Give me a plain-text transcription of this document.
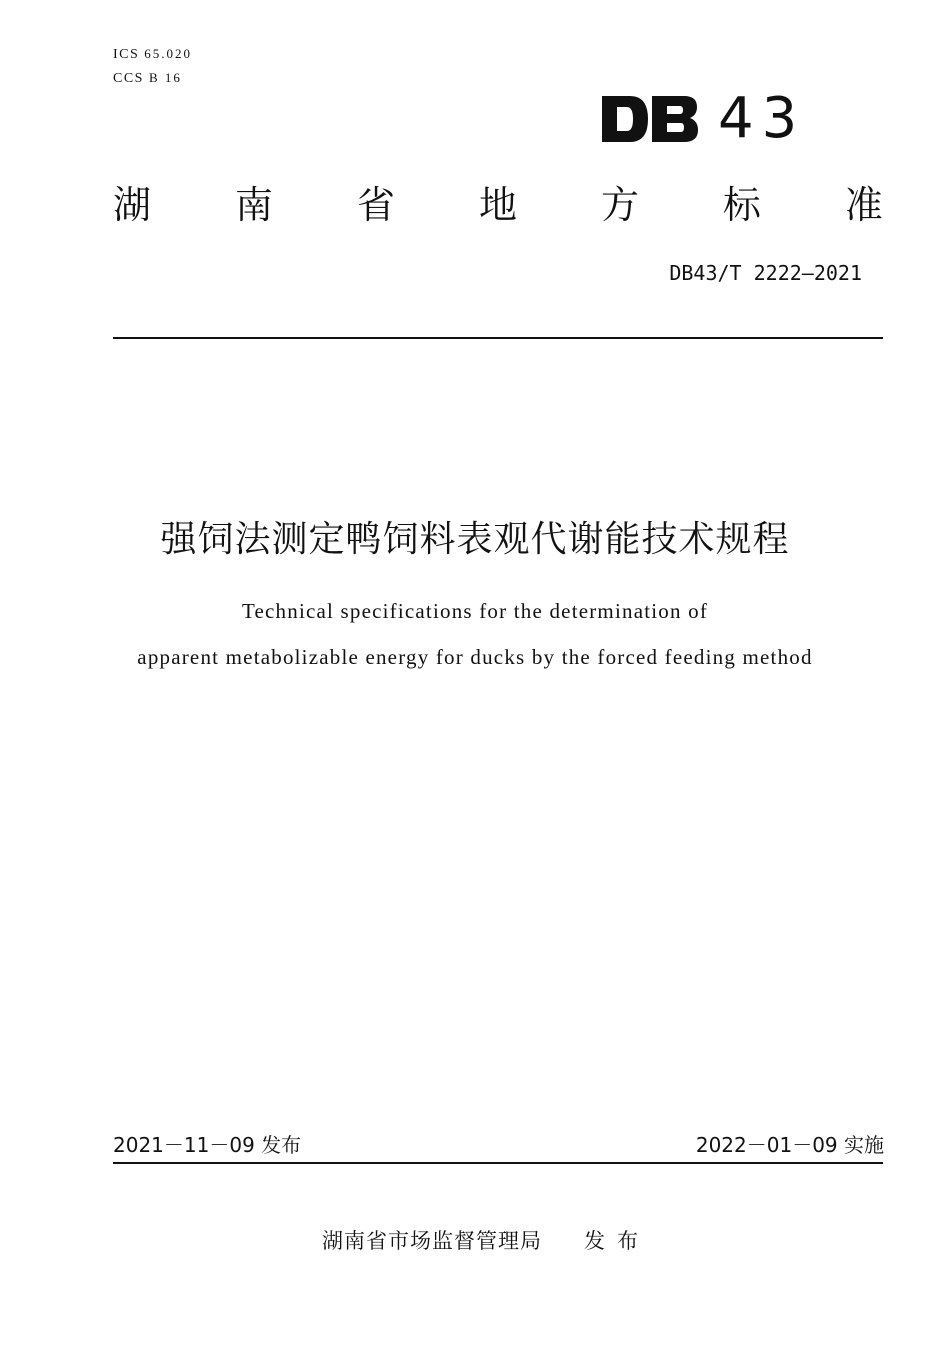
ICS 65.020
CCS B 16
43
湖 南 省 地 方 标 准
DB43/T 2222—2021
强饲法测定鸭饲料表观代谢能技术规程
Technical specifications for the determination of
apparent metabolizable energy for ducks by the forced feeding method
2021－11－09 发布	2022－01－09 实施
湖南省市场监督管理局 发布
